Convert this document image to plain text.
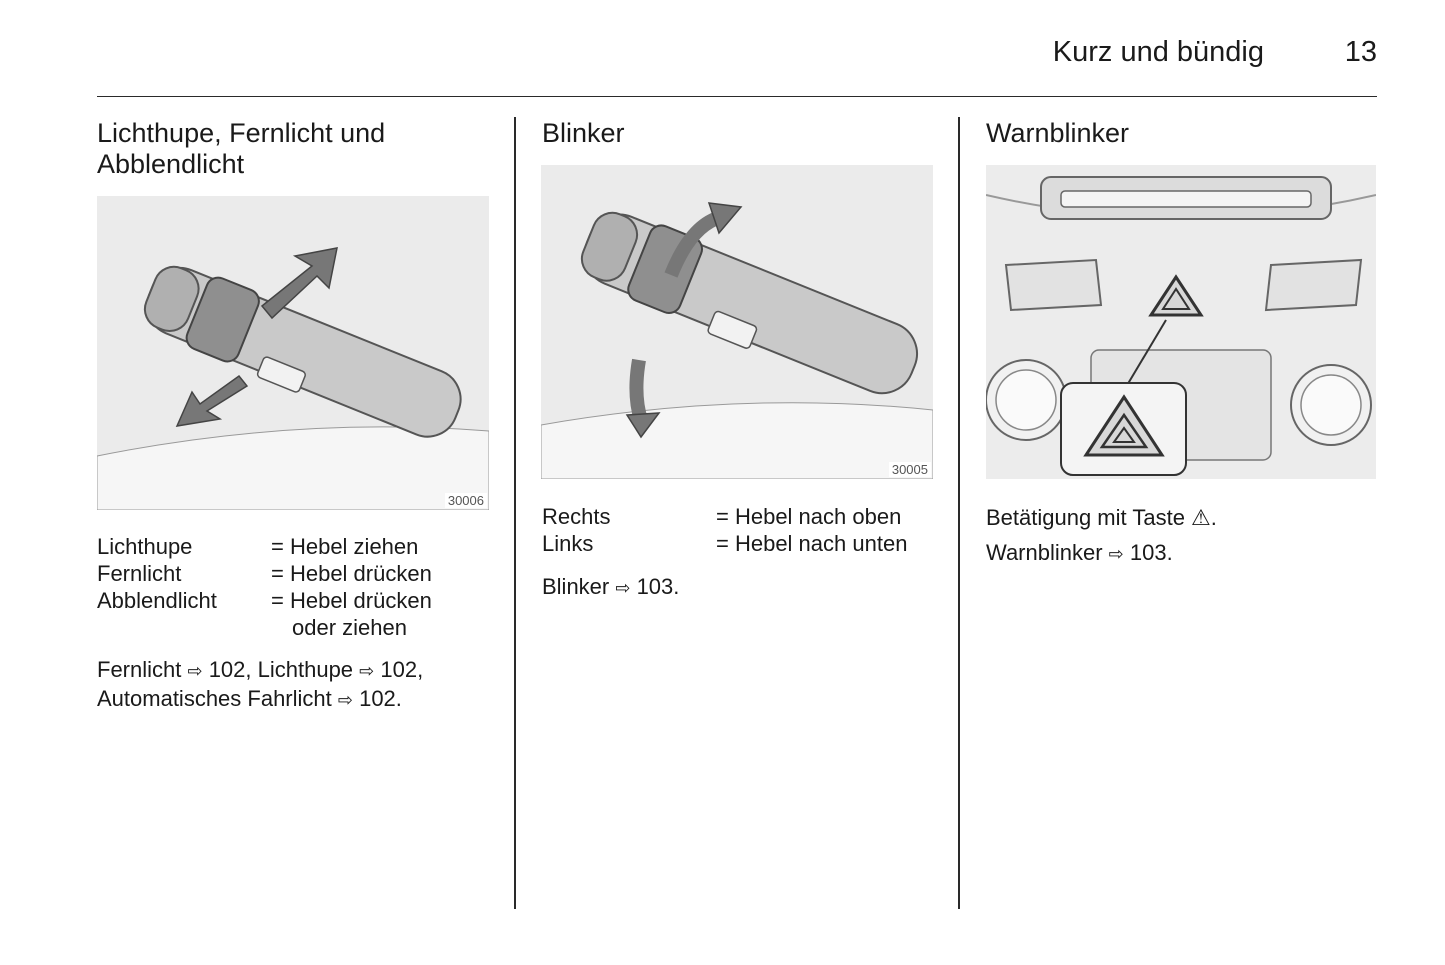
Kurz und bündig	13
Lichthupe, Fernlicht und Abblendlicht
30006
Lichthupe	= Hebel ziehen
Fernlicht	= Hebel drücken
Abblendlicht	= Hebel drücken
	oder ziehen
Fernlicht ⇨ 102, Lichthupe ⇨ 102,
Automatisches Fahrlicht ⇨ 102.
Blinker
30005
Rechts	= Hebel nach oben
Links	= Hebel nach unten
Blinker ⇨ 103.
Warnblinker
Betätigung mit Taste ⚠.
Warnblinker ⇨ 103.
